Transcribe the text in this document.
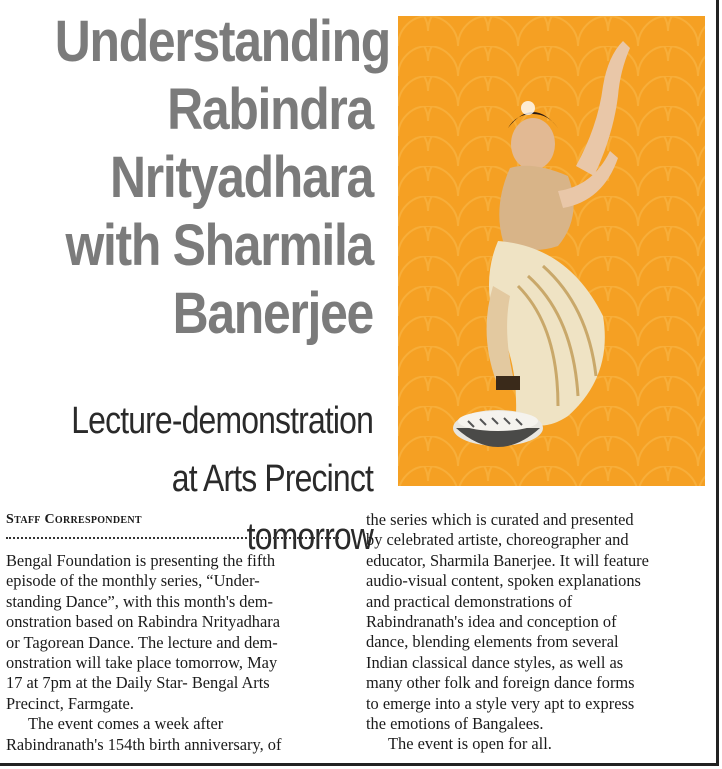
Understanding
Rabindra
Nrityadhara
with Sharmila
Banerjee
Lecture-demonstration
at Arts Precinct tomorrow
Staff Correspondent

Bengal Foundation is presenting the fifth

episode of the monthly series, “Under-

standing Dance”, with this month's dem-

onstration based on Rabindra Nrityadhara

or Tagorean Dance. The lecture and dem-

onstration will take place tomorrow, May

17 at 7pm at the Daily Star- Bengal Arts

Precinct, Farmgate.

The event comes a week after

Rabindranath's 154th birth anniversary, of

the series which is curated and presented

by celebrated artiste, choreographer and

educator, Sharmila Banerjee. It will feature

audio-visual content, spoken explanations

and practical demonstrations of

Rabindranath's idea and conception of

dance, blending elements from several

Indian classical dance styles, as well as

many other folk and foreign dance forms

to emerge into a style very apt to express

the emotions of Bangalees.

The event is open for all.
